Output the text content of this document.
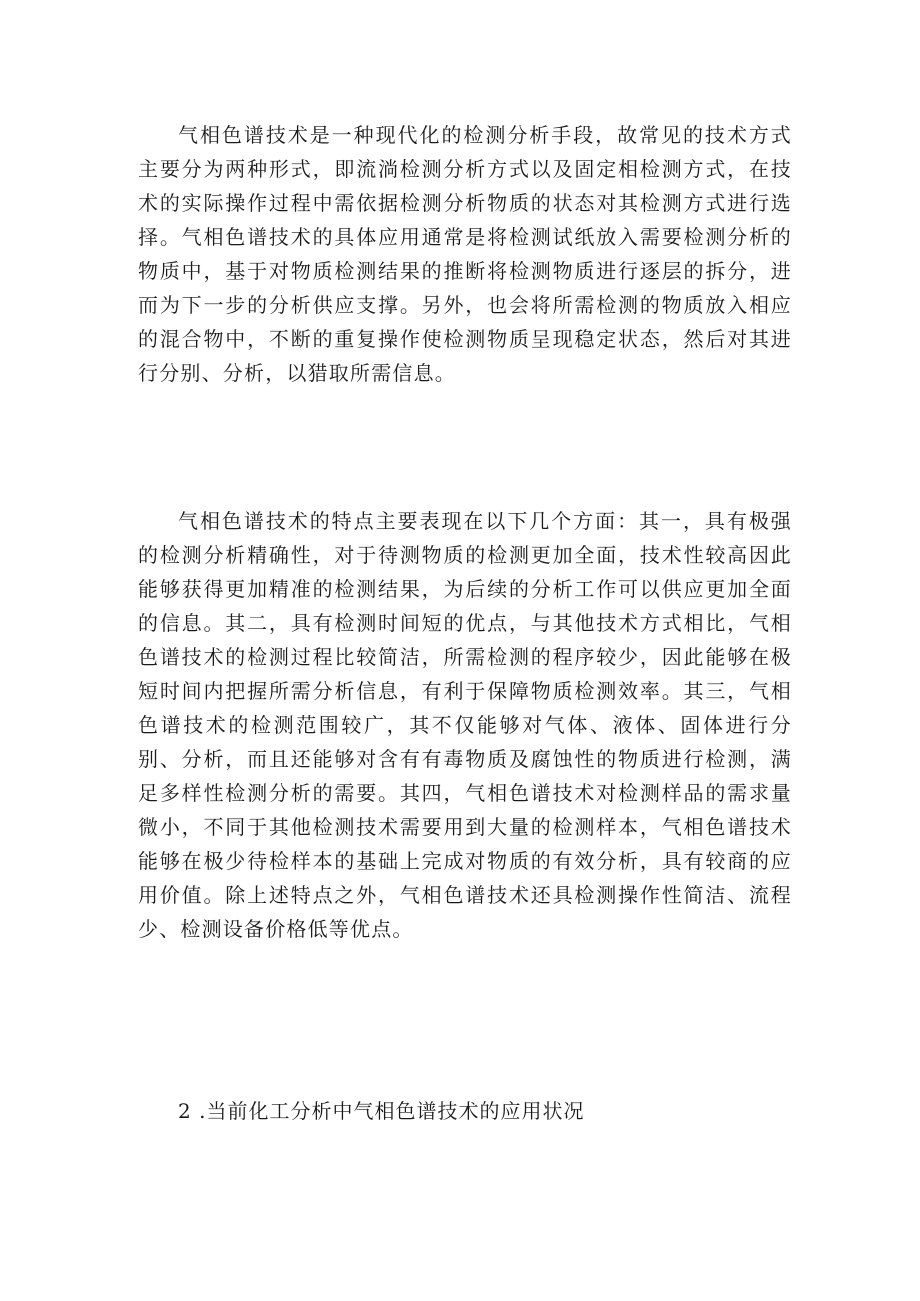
气相色谱技术是一种现代化的检测分析手段，故常见的技术方式主要分为两种形式，即流淌检测分析方式以及固定相检测方式，在技术的实际操作过程中需依据检测分析物质的状态对其检测方式进行选择。气相色谱技术的具体应用通常是将检测试纸放入需要检测分析的物质中，基于对物质检测结果的推断将检测物质进行逐层的拆分，进而为下一步的分析供应支撑。另外，也会将所需检测的物质放入相应的混合物中，不断的重复操作使检测物质呈现稳定状态，然后对其进行分别、分析，以猎取所需信息。

气相色谱技术的特点主要表现在以下几个方面：其一，具有极强的检测分析精确性，对于待测物质的检测更加全面，技术性较高因此能够获得更加精准的检测结果，为后续的分析工作可以供应更加全面的信息。其二，具有检测时间短的优点，与其他技术方式相比，气相色谱技术的检测过程比较简洁，所需检测的程序较少，因此能够在极短时间内把握所需分析信息，有利于保障物质检测效率。其三，气相色谱技术的检测范围较广，其不仅能够对气体、液体、固体进行分别、分析，而且还能够对含有有毒物质及腐蚀性的物质进行检测，满足多样性检测分析的需要。其四，气相色谱技术对检测样品的需求量微小，不同于其他检测技术需要用到大量的检测样本，气相色谱技术能够在极少待检样本的基础上完成对物质的有效分析，具有较商的应用价值。除上述特点之外，气相色谱技术还具检测操作性简洁、流程少、检测设备价格低等优点。

2 .当前化工分析中气相色谱技术的应用状况
